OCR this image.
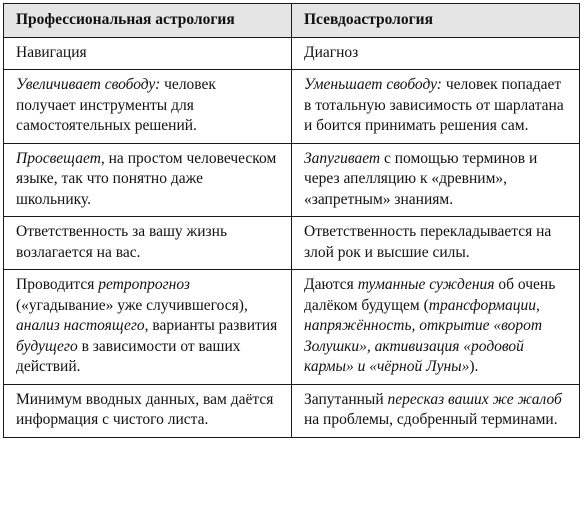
Профессиональная астрология	Псевдоастрология

Навигация	Диагноз

Увеличивает свободу: человек получает инструменты для самостоятельных решений.	Уменьшает свободу: человек попадает в тотальную зависимость от шарлатана и боится принимать решения сам.

Просвещает, на простом человеческом языке, так что понятно даже школьнику.	Запугивает с помощью терминов и через апелляцию к «древним», «запретным» знаниям.

Ответственность за вашу жизнь возлагается на вас.	Ответственность перекладывается на злой рок и высшие силы.

Проводится ретропрогноз («угадывание» уже случившегося), анализ настоящего, варианты развития будущего в зависимости от ваших действий.	Даются туманные суждения об очень далёком будущем (трансформации, напряжённость, открытие «ворот Золушки», активизация «родовой кармы» и «чёрной Луны»).

Минимум вводных данных, вам даётся информация с чистого листа.	Запутанный пересказ ваших же жалоб на проблемы, сдобренный терминами.
